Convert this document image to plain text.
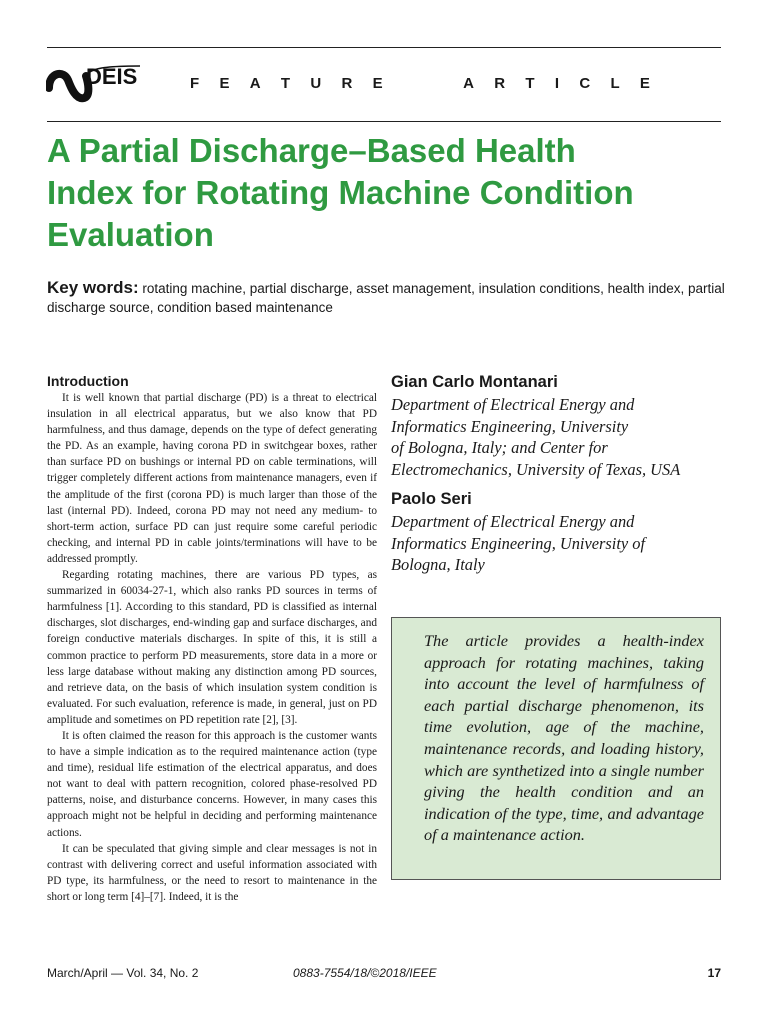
DEIS	F E A T U R E	A R T I C L E
A Partial Discharge–Based Health
Index for Rotating Machine Condition
Evaluation
Key words: rotating machine, partial discharge, asset management, insulation conditions, health index, partial discharge source, condition based maintenance
Introduction

It is well known that partial discharge (PD) is a threat to electrical insulation in all electrical apparatus, but we also know that PD harmfulness, and thus damage, depends on the type of defect generating the PD. As an example, having corona PD in switchgear boxes, rather than surface PD on bushings or internal PD on cable terminations, will trigger completely different actions from maintenance managers, even if the amplitude of the first (corona PD) is much larger than those of the last (internal PD). Indeed, corona PD may not need any medium- to short-term action, surface PD can just require some careful periodic checking, and internal PD in cable joints/terminations will have to be addressed promptly.

Regarding rotating machines, there are various PD types, as summarized in 60034-27-1, which also ranks PD sources in terms of harmfulness [1]. According to this standard, PD is classified as internal discharges, slot discharges, end-winding gap and surface discharges, and foreign conductive materials discharges. In spite of this, it is still a common practice to perform PD measurements, store data in a more or less large database without making any distinction among PD sources, and retrieve data, on the basis of which insulation system condition is evaluated. For such evaluation, reference is made, in general, just on PD amplitude and sometimes on PD repetition rate [2], [3].

It is often claimed the reason for this approach is the customer wants to have a simple indication as to the required maintenance action (type and time), residual life estimation of the electrical apparatus, and does not want to deal with pattern recognition, colored phase-resolved PD patterns, noise, and disturbance concerns. However, in many cases this approach might not be helpful in deciding and performing maintenance actions.

It can be speculated that giving simple and clear messages is not in contrast with delivering correct and useful information associated with PD type, its harmfulness, or the need to resort to maintenance in the short or long term [4]–[7]. Indeed, it is the

Gian Carlo Montanari

Department of Electrical Energy and
Informatics Engineering, University
of Bologna, Italy; and Center for
Electromechanics, University of Texas, USA

Paolo Seri

Department of Electrical Energy and
Informatics Engineering, University of
Bologna, Italy

The article provides a health-index approach for rotating machines, taking into account the level of harmfulness of each partial discharge phenomenon, its time evolution, age of the machine, maintenance records, and loading history, which are synthetized into a single number giving the health condition and an indication of the type, time, and advantage of a maintenance action.

March/April — Vol. 34, No. 2	0883-7554/18/©2018/IEEE	17
